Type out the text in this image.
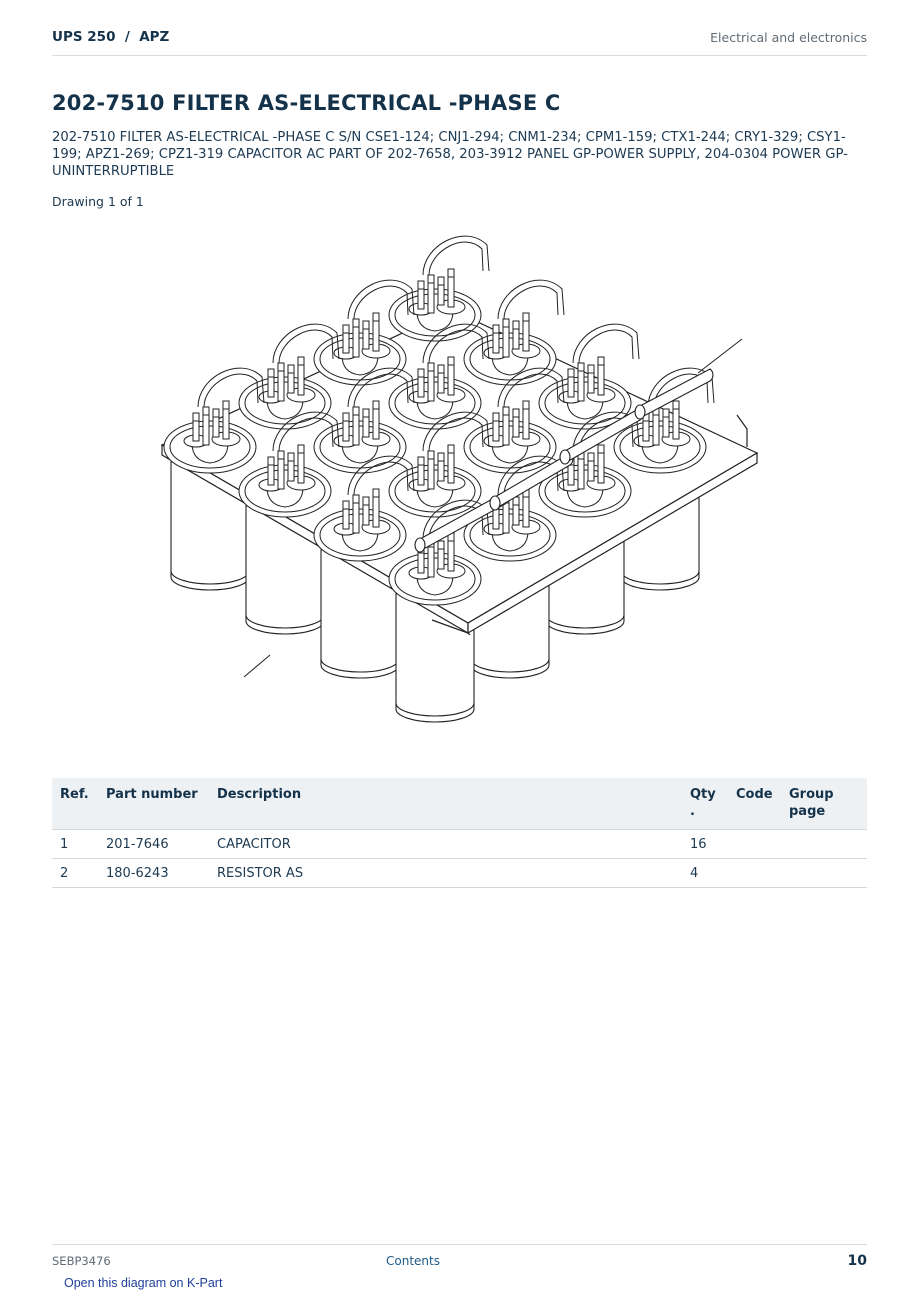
UPS 250  /  APZ	Electrical and electronics
202-7510 FILTER AS-ELECTRICAL -PHASE C
202-7510 FILTER AS-ELECTRICAL -PHASE C S/N CSE1-124; CNJ1-294; CNM1-234; CPM1-159; CTX1-244; CRY1-329; CSY1-199; APZ1-269; CPZ1-319 CAPACITOR AC PART OF 202-7658, 203-3912 PANEL GP-POWER SUPPLY, 204-0304 POWER GP-UNINTERRUPTIBLE
Drawing 1 of 1
Ref.	Part number	Description	Qty .	Code	Group page
1	201-7646	CAPACITOR	16		
2	180-6243	RESISTOR AS	4		
SEBP3476	Contents	10
Open this diagram on K-Part
